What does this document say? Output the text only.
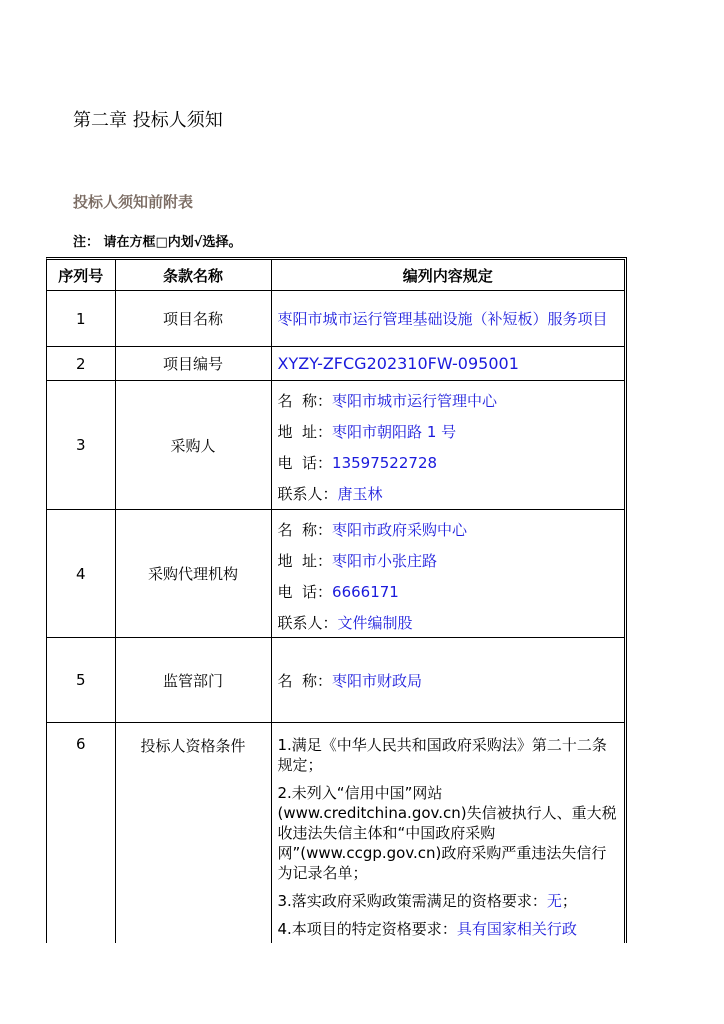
第二章 投标人须知
投标人须知前附表
注： 请在方框□内划√选择。
序列号	条款名称	编列内容规定
1	项目名称	枣阳市城市运行管理基础设施（补短板）服务项目

2	项目编号	XYZY-ZFCG202310FW-095001

3	采购人	名  称：枣阳市城市运行管理中心
地  址：枣阳市朝阳路 1 号
电  话：13597522728
联系人：唐玉林

4	采购代理机构	名  称：枣阳市政府采购中心
地  址：枣阳市小张庄路
电  话：6666171
联系人：文件编制股

5	监管部门	名  称：枣阳市财政局

6	投标人资格条件	1.满足《中华人民共和国政府采购法》第二十二条规定；
2.未列入“信用中国”网站(www.creditchina.gov.cn)失信被执行人、重大税收违法失信主体和“中国政府采购网”(www.ccgp.gov.cn)政府采购严重违法失信行为记录名单；
3.落实政府采购政策需满足的资格要求：无；
4.本项目的特定资格要求：具有国家相关行政
